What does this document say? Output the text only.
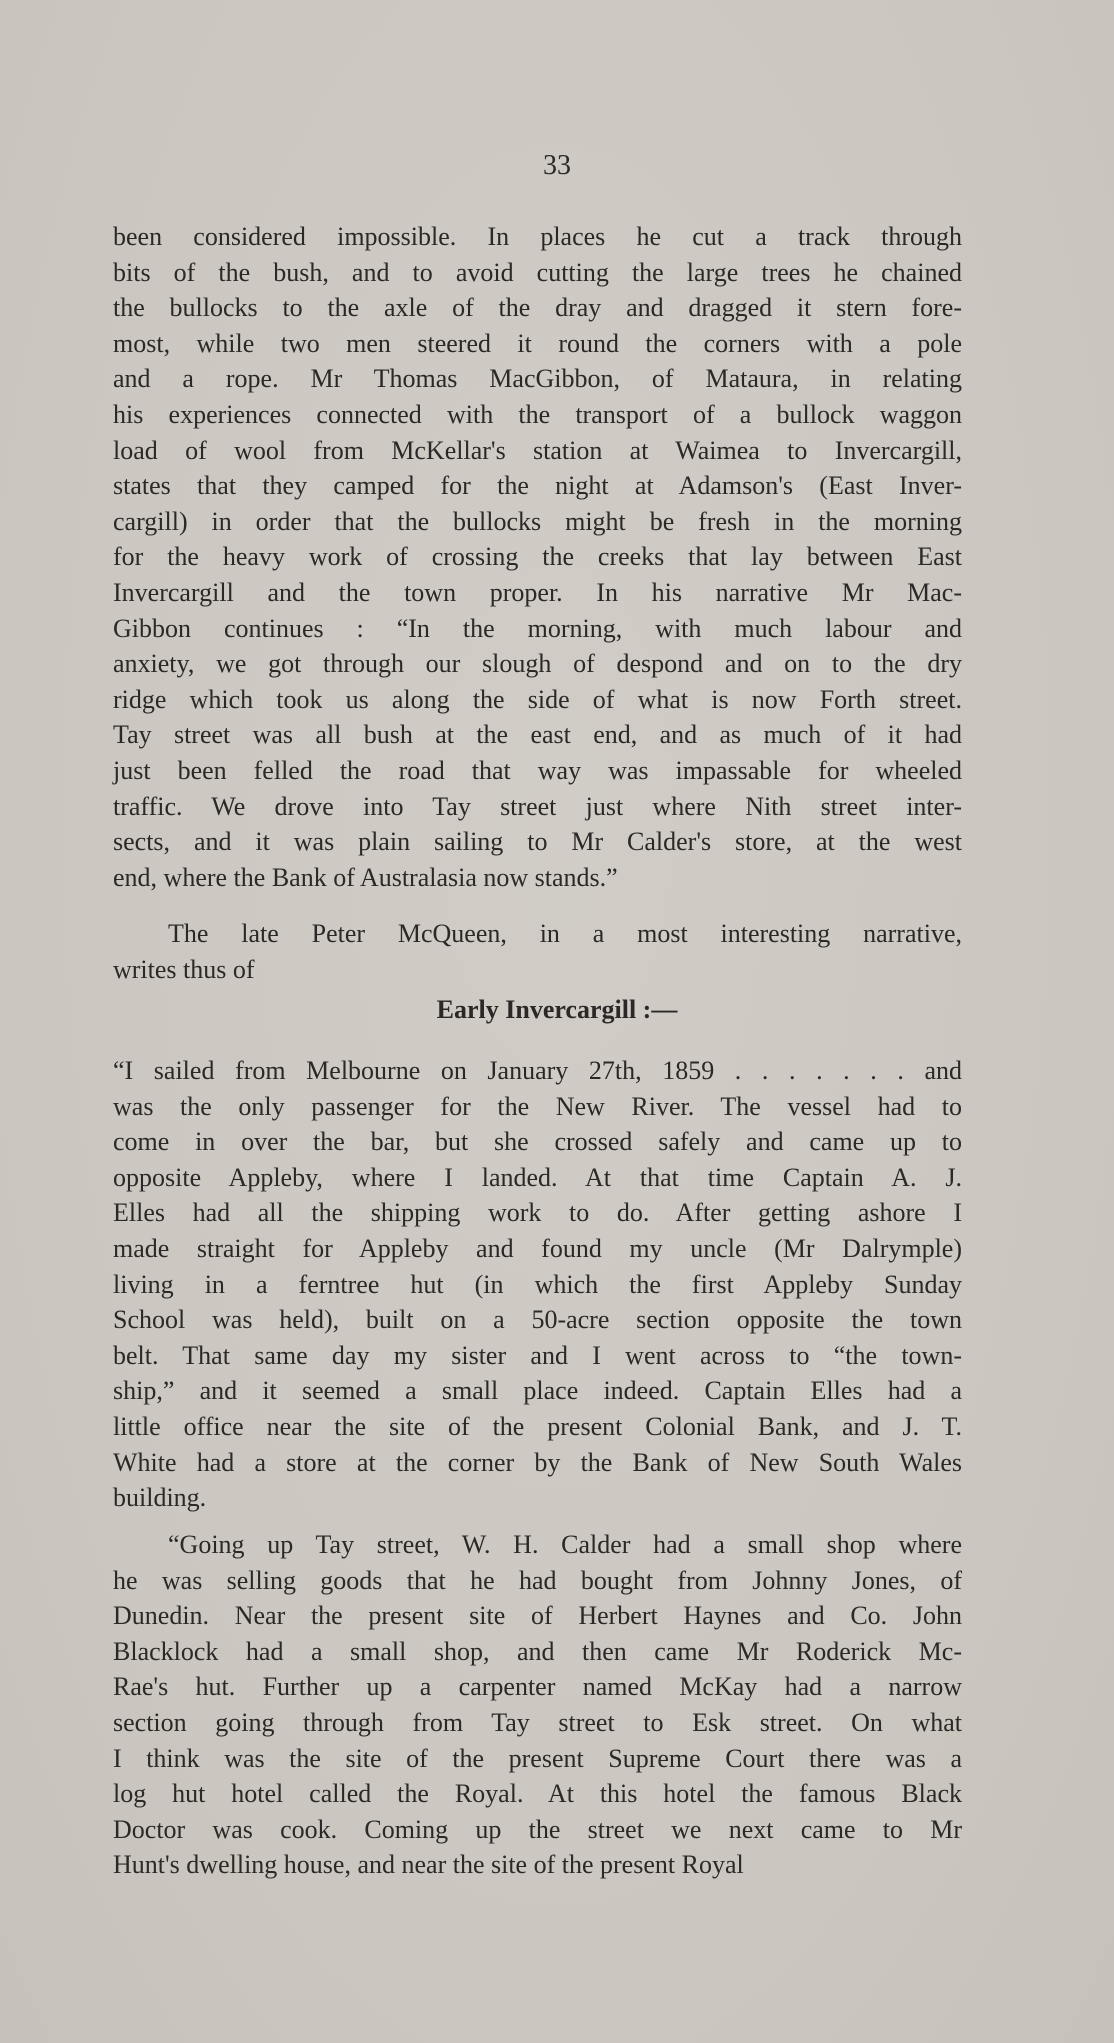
33
been considered impossible. In places he cut a track through
bits of the bush, and to avoid cutting the large trees he chained
the bullocks to the axle of the dray and dragged it stern fore-
most, while two men steered it round the corners with a pole
and a rope. Mr Thomas MacGibbon, of Mataura, in relating
his experiences connected with the transport of a bullock waggon
load of wool from McKellar's station at Waimea to Invercargill,
states that they camped for the night at Adamson's (East Inver-
cargill) in order that the bullocks might be fresh in the morning
for the heavy work of crossing the creeks that lay between East
Invercargill and the town proper. In his narrative Mr Mac-
Gibbon continues : “In the morning, with much labour and
anxiety, we got through our slough of despond and on to the dry
ridge which took us along the side of what is now Forth street.
Tay street was all bush at the east end, and as much of it had
just been felled the road that way was impassable for wheeled
traffic. We drove into Tay street just where Nith street inter-
sects, and it was plain sailing to Mr Calder's store, at the west
end, where the Bank of Australasia now stands.”
The late Peter McQueen, in a most interesting narrative,
writes thus of
Early Invercargill :—
“I sailed from Melbourne on January 27th, 1859 . . . . . . . and
was the only passenger for the New River. The vessel had to
come in over the bar, but she crossed safely and came up to
opposite Appleby, where I landed. At that time Captain A. J.
Elles had all the shipping work to do. After getting ashore I
made straight for Appleby and found my uncle (Mr Dalrymple)
living in a ferntree hut (in which the first Appleby Sunday
School was held), built on a 50-acre section opposite the town
belt. That same day my sister and I went across to “the town-
ship,” and it seemed a small place indeed. Captain Elles had a
little office near the site of the present Colonial Bank, and J. T.
White had a store at the corner by the Bank of New South Wales
building.
“Going up Tay street, W. H. Calder had a small shop where
he was selling goods that he had bought from Johnny Jones, of
Dunedin. Near the present site of Herbert Haynes and Co. John
Blacklock had a small shop, and then came Mr Roderick Mc-
Rae's hut. Further up a carpenter named McKay had a narrow
section going through from Tay street to Esk street. On what
I think was the site of the present Supreme Court there was a
log hut hotel called the Royal. At this hotel the famous Black
Doctor was cook. Coming up the street we next came to Mr
Hunt's dwelling house, and near the site of the present Royal
